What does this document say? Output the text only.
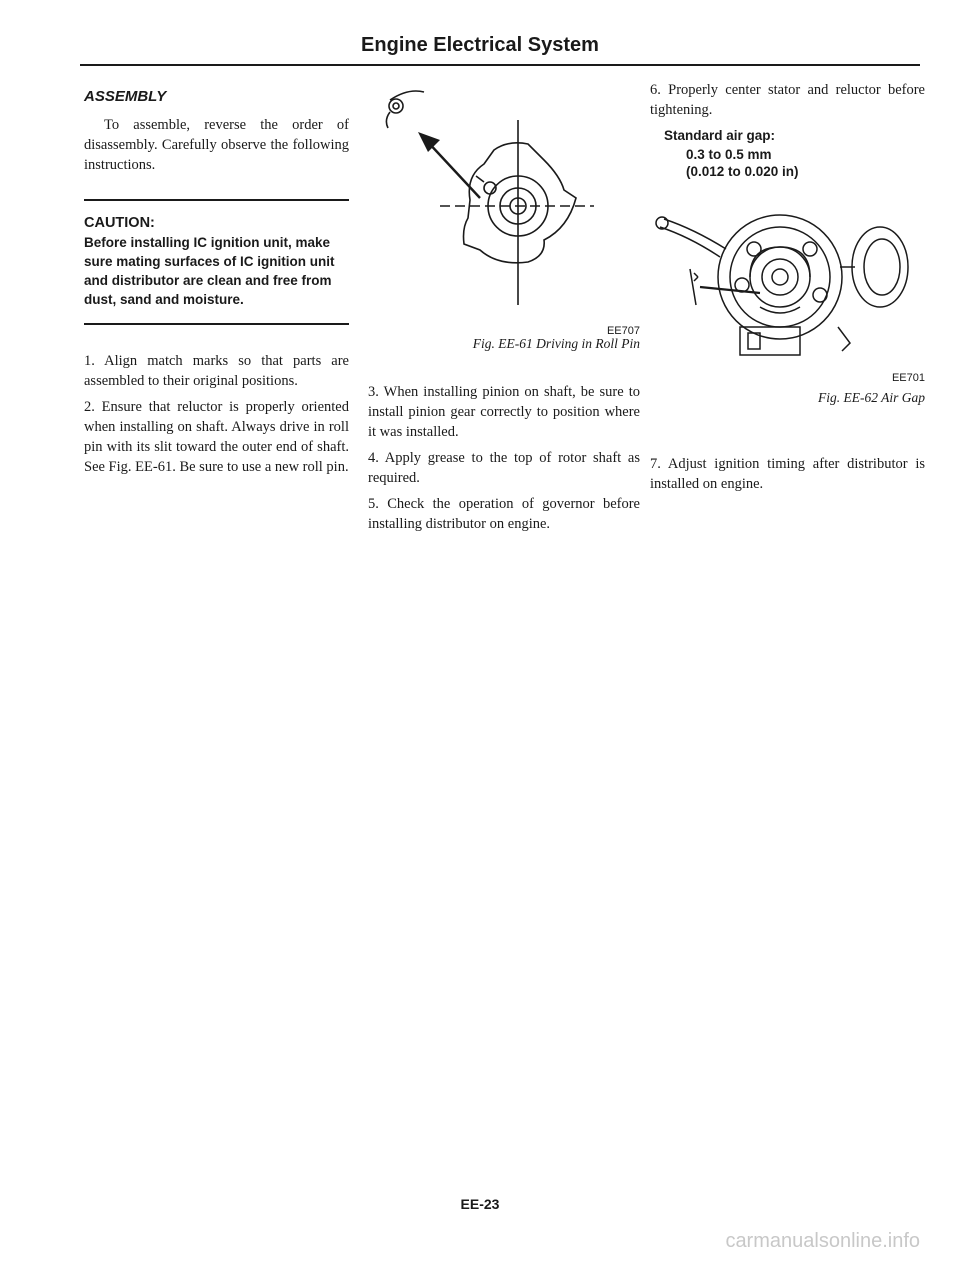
Engine Electrical System
ASSEMBLY

To assemble, reverse the order of disassembly. Carefully observe the following instructions.

CAUTION:
Before installing IC ignition unit, make sure mating surfaces of IC ignition unit and distributor are clean and free from dust, sand and moisture.

1. Align match marks so that parts are assembled to their original positions.

2. Ensure that reluctor is properly oriented when installing on shaft. Always drive in roll pin with its slit toward the outer end of shaft. See Fig. EE-61. Be sure to use a new roll pin.

EE707
Fig. EE-61 Driving in Roll Pin

3. When installing pinion on shaft, be sure to install pinion gear correctly to position where it was installed.

4. Apply grease to the top of rotor shaft as required.

5. Check the operation of governor before installing distributor on engine.

6. Properly center stator and reluctor before tightening.

Standard air gap:
0.3 to 0.5 mm
(0.012 to 0.020 in)
EE701
Fig. EE-62 Air Gap

7. Adjust ignition timing after distributor is installed on engine.

EE-23
carmanualsonline.info
